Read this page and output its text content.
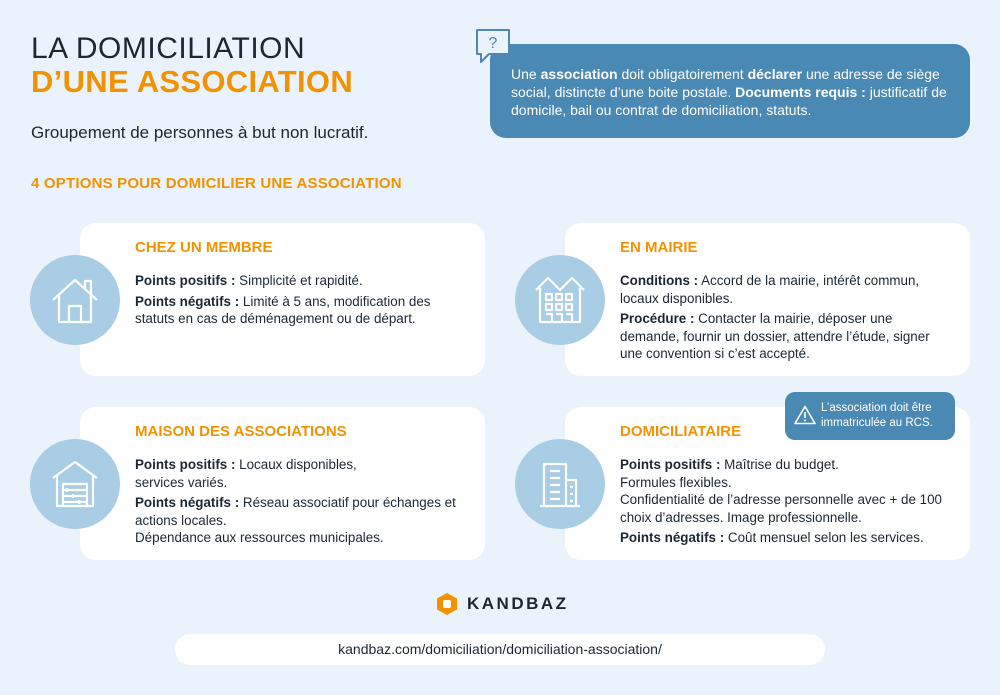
LA DOMICILIATION
D’UNE ASSOCIATION
Groupement de personnes à but non lucratif.
4 OPTIONS POUR DOMICILIER UNE ASSOCIATION
Une association doit obligatoirement déclarer une adresse de siège social, distincte d’une boite postale. Documents requis : justificatif de domicile, bail ou contrat de domiciliation, statuts.
?
CHEZ UN MEMBRE

Points positifs : Simplicité et rapidité.

Points négatifs : Limité à 5 ans, modification des statuts en cas de déménagement ou de départ.

EN MAIRIE

Conditions : Accord de la mairie, intérêt commun, locaux disponibles.

Procédure : Contacter la mairie, déposer une demande, fournir un dossier, attendre l’étude, signer une convention si c’est accepté.

MAISON DES ASSOCIATIONS

Points positifs : Locaux disponibles, services variés.

Points négatifs : Réseau associatif pour échanges et actions locales.

Dépendance aux ressources municipales.

DOMICILIATAIRE

Points positifs : Maîtrise du budget.

Formules flexibles.

Confidentialité de l’adresse personnelle avec + de 100 choix d’adresses. Image professionnelle.

Points négatifs : Coût mensuel selon les services.

L’association doit être immatriculée au RCS.
KANDBAZ
kandbaz.com/domiciliation/domiciliation-association/
